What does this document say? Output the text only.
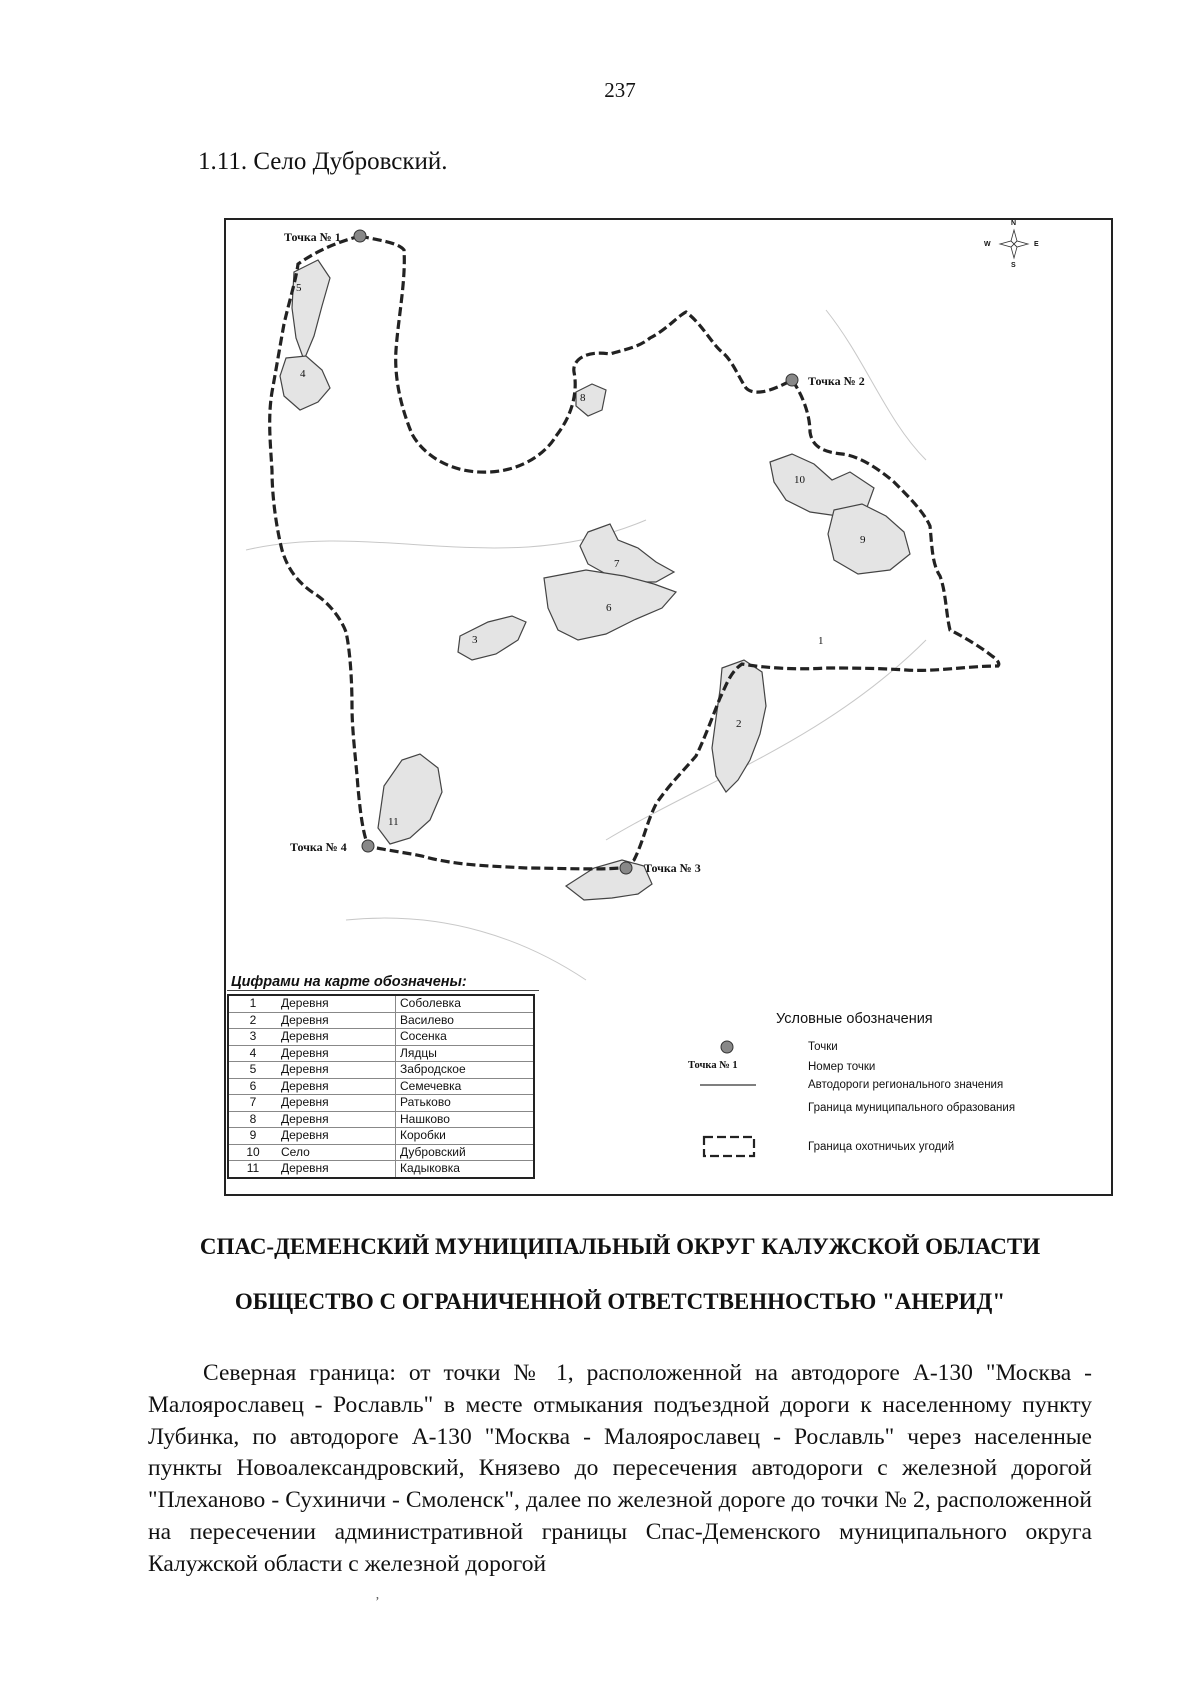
237
1.11. Село Дубровский.
Точка № 1
Точка № 2
Точка № 3
Точка № 4
N
S
E
W
1
2
3
4
5
6
7
8
9
10
11
Цифрами на карте обозначены:
1	Деревня	Соболевка
2	Деревня	Василево
3	Деревня	Сосенка
4	Деревня	Лядцы
5	Деревня	Забродское
6	Деревня	Семечевка
7	Деревня	Ратьково
8	Деревня	Нашково
9	Деревня	Коробки
10	Село	Дубровский
11	Деревня	Кадыковка
Условные обозначения
Точки
Точка № 1	Номер точки
Автодороги регионального значения
Граница муниципального образования
Граница охотничьих угодий
СПАС-ДЕМЕНСКИЙ МУНИЦИПАЛЬНЫЙ ОКРУГ КАЛУЖСКОЙ ОБЛАСТИ
ОБЩЕСТВО С ОГРАНИЧЕННОЙ ОТВЕТСТВЕННОСТЬЮ "АНЕРИД"
Северная граница: от точки № 1, расположенной на автодороге А-130 "Москва - Малоярославец - Рославль" в месте отмыкания подъездной дороги к населенному пункту Лубинка, по автодороге А-130 "Москва - Малоярославец - Рославль" через населенные пункты Новоалександровский, Князево до пересечения автодороги с железной дорогой "Плеханово - Сухиничи - Смоленск", далее по железной дороге до точки № 2, расположенной на пересечении административной границы Спас-Деменского муниципального округа Калужской области с железной дорогой
’
